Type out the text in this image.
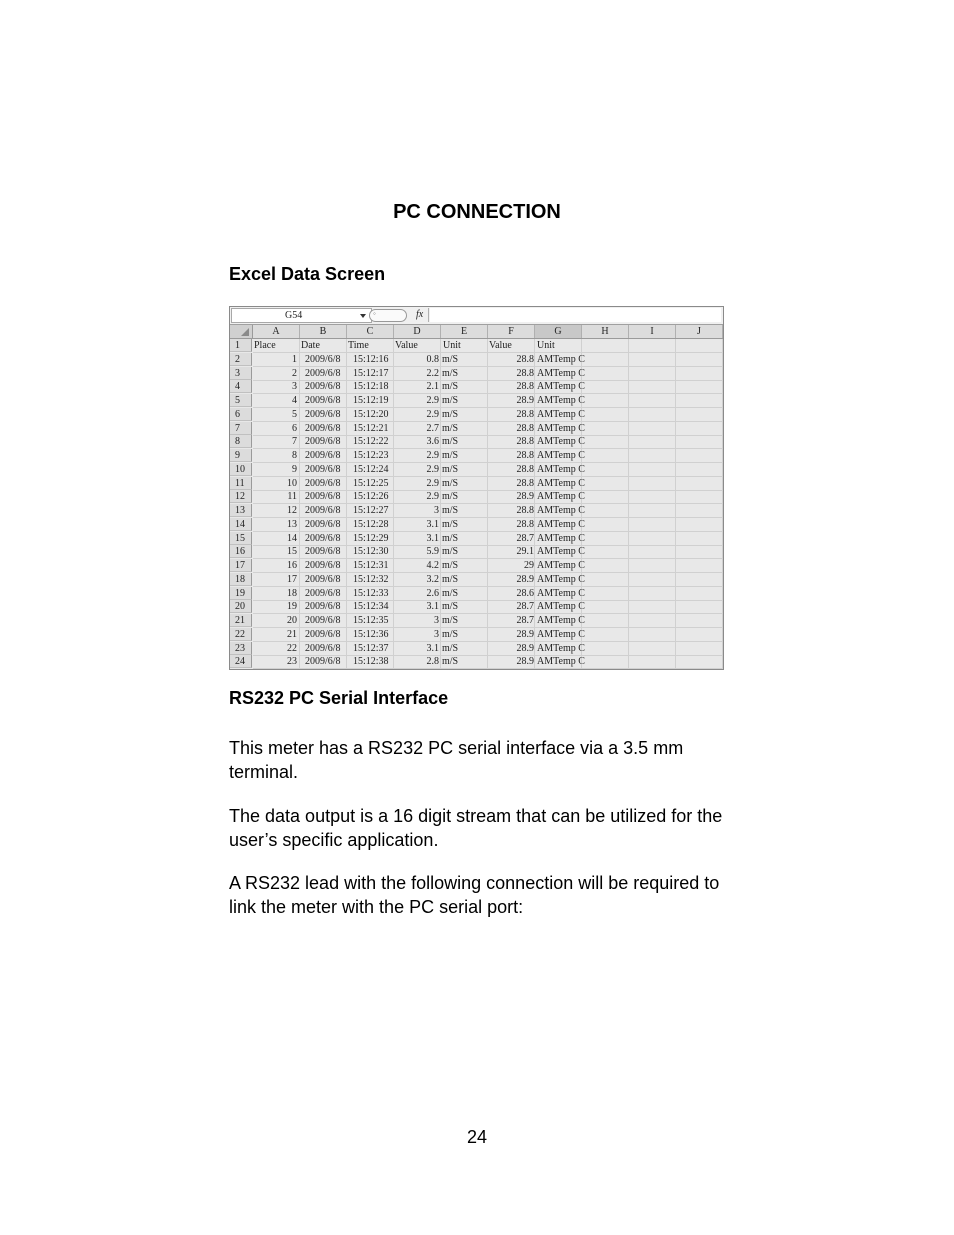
PC CONNECTION
Excel Data Screen
G54	◦	fx
A	B	C	D	E	F	G	H	I	J
1	Place	Date	Time	Value	Unit	Value	Unit
2	1 2009/6/8	15:12:16	0.8 m/S	28.8 AMTemp C
3	2 2009/6/8	15:12:17	2.2 m/S	28.8 AMTemp C
4	3 2009/6/8	15:12:18	2.1 m/S	28.8 AMTemp C
5	4 2009/6/8	15:12:19	2.9 m/S	28.9 AMTemp C
6	5 2009/6/8	15:12:20	2.9 m/S	28.8 AMTemp C
7	6 2009/6/8	15:12:21	2.7 m/S	28.8 AMTemp C
8	7 2009/6/8	15:12:22	3.6 m/S	28.8 AMTemp C
9	8 2009/6/8	15:12:23	2.9 m/S	28.8 AMTemp C
10	9 2009/6/8	15:12:24	2.9 m/S	28.8 AMTemp C
11	10 2009/6/8	15:12:25	2.9 m/S	28.8 AMTemp C
12	11 2009/6/8	15:12:26	2.9 m/S	28.9 AMTemp C
13	12 2009/6/8	15:12:27	3 m/S	28.8 AMTemp C
14	13 2009/6/8	15:12:28	3.1 m/S	28.8 AMTemp C
15	14 2009/6/8	15:12:29	3.1 m/S	28.7 AMTemp C
16	15 2009/6/8	15:12:30	5.9 m/S	29.1 AMTemp C
17	16 2009/6/8	15:12:31	4.2 m/S	29 AMTemp C
18	17 2009/6/8	15:12:32	3.2 m/S	28.9 AMTemp C
19	18 2009/6/8	15:12:33	2.6 m/S	28.6 AMTemp C
20	19 2009/6/8	15:12:34	3.1 m/S	28.7 AMTemp C
21	20 2009/6/8	15:12:35	3 m/S	28.7 AMTemp C
22	21 2009/6/8	15:12:36	3 m/S	28.9 AMTemp C
23	22 2009/6/8	15:12:37	3.1 m/S	28.9 AMTemp C
24	23 2009/6/8	15:12:38	2.8 m/S	28.9 AMTemp C
RS232 PC Serial Interface
This meter has a RS232 PC serial interface via a 3.5 mm terminal.
The data output is a 16 digit stream that can be utilized for the user’s specific application.
A RS232 lead with the following connection will be required to link the meter with the PC serial port:
24
